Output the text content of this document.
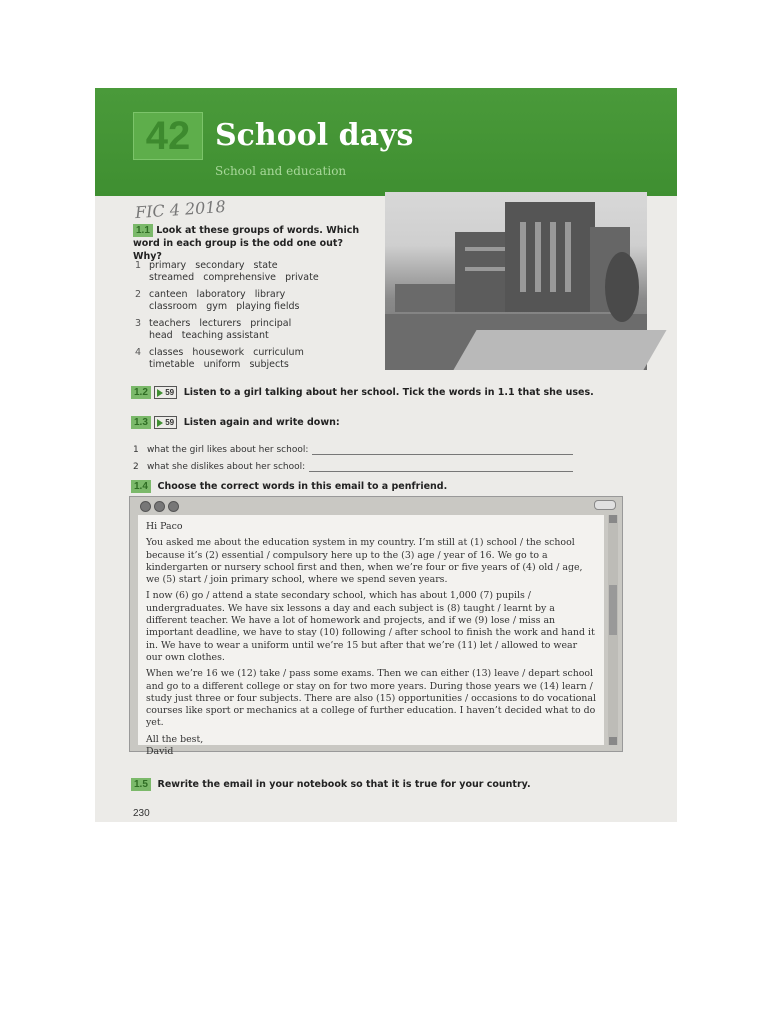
42 School days
School and education
FIC 4 2018
1.1 Look at these groups of words. Which word in each group is the odd one out? Why?
1 primary   secondary   state
streamed   comprehensive   private
2 canteen   laboratory   library
classroom   gym   playing fields
3 teachers   lecturers   principal
head   teaching assistant
4 classes   housework   curriculum
timetable   uniform   subjects
1.2 59 Listen to a girl talking about her school. Tick the words in 1.1 that she uses.
1.3 59 Listen again and write down:
1 what the girl likes about her school:
2 what she dislikes about her school:
1.4 Choose the correct words in this email to a penfriend.

Hi Paco

You asked me about the education system in my country. I’m still at (1) school / the school because it’s (2) essential / compulsory here up to the (3) age / year of 16. We go to a kindergarten or nursery school first and then, when we’re four or five years of (4) old / age, we (5) start / join primary school, where we spend seven years.

I now (6) go / attend a state secondary school, which has about 1,000 (7) pupils / undergraduates. We have six lessons a day and each subject is (8) taught / learnt by a different teacher. We have a lot of homework and projects, and if we (9) lose / miss an important deadline, we have to stay (10) following / after school to finish the work and hand it in. We have to wear a uniform until we’re 15 but after that we’re (11) let / allowed to wear our own clothes.

When we’re 16 we (12) take / pass some exams. Then we can either (13) leave / depart school and go to a different college or stay on for two more years. During those years we (14) learn / study just three or four subjects. There are also (15) opportunities / occasions to do vocational courses like sport or mechanics at a college of further education. I haven’t decided what to do yet.

All the best,

David

1.5 Rewrite the email in your notebook so that it is true for your country.
230
